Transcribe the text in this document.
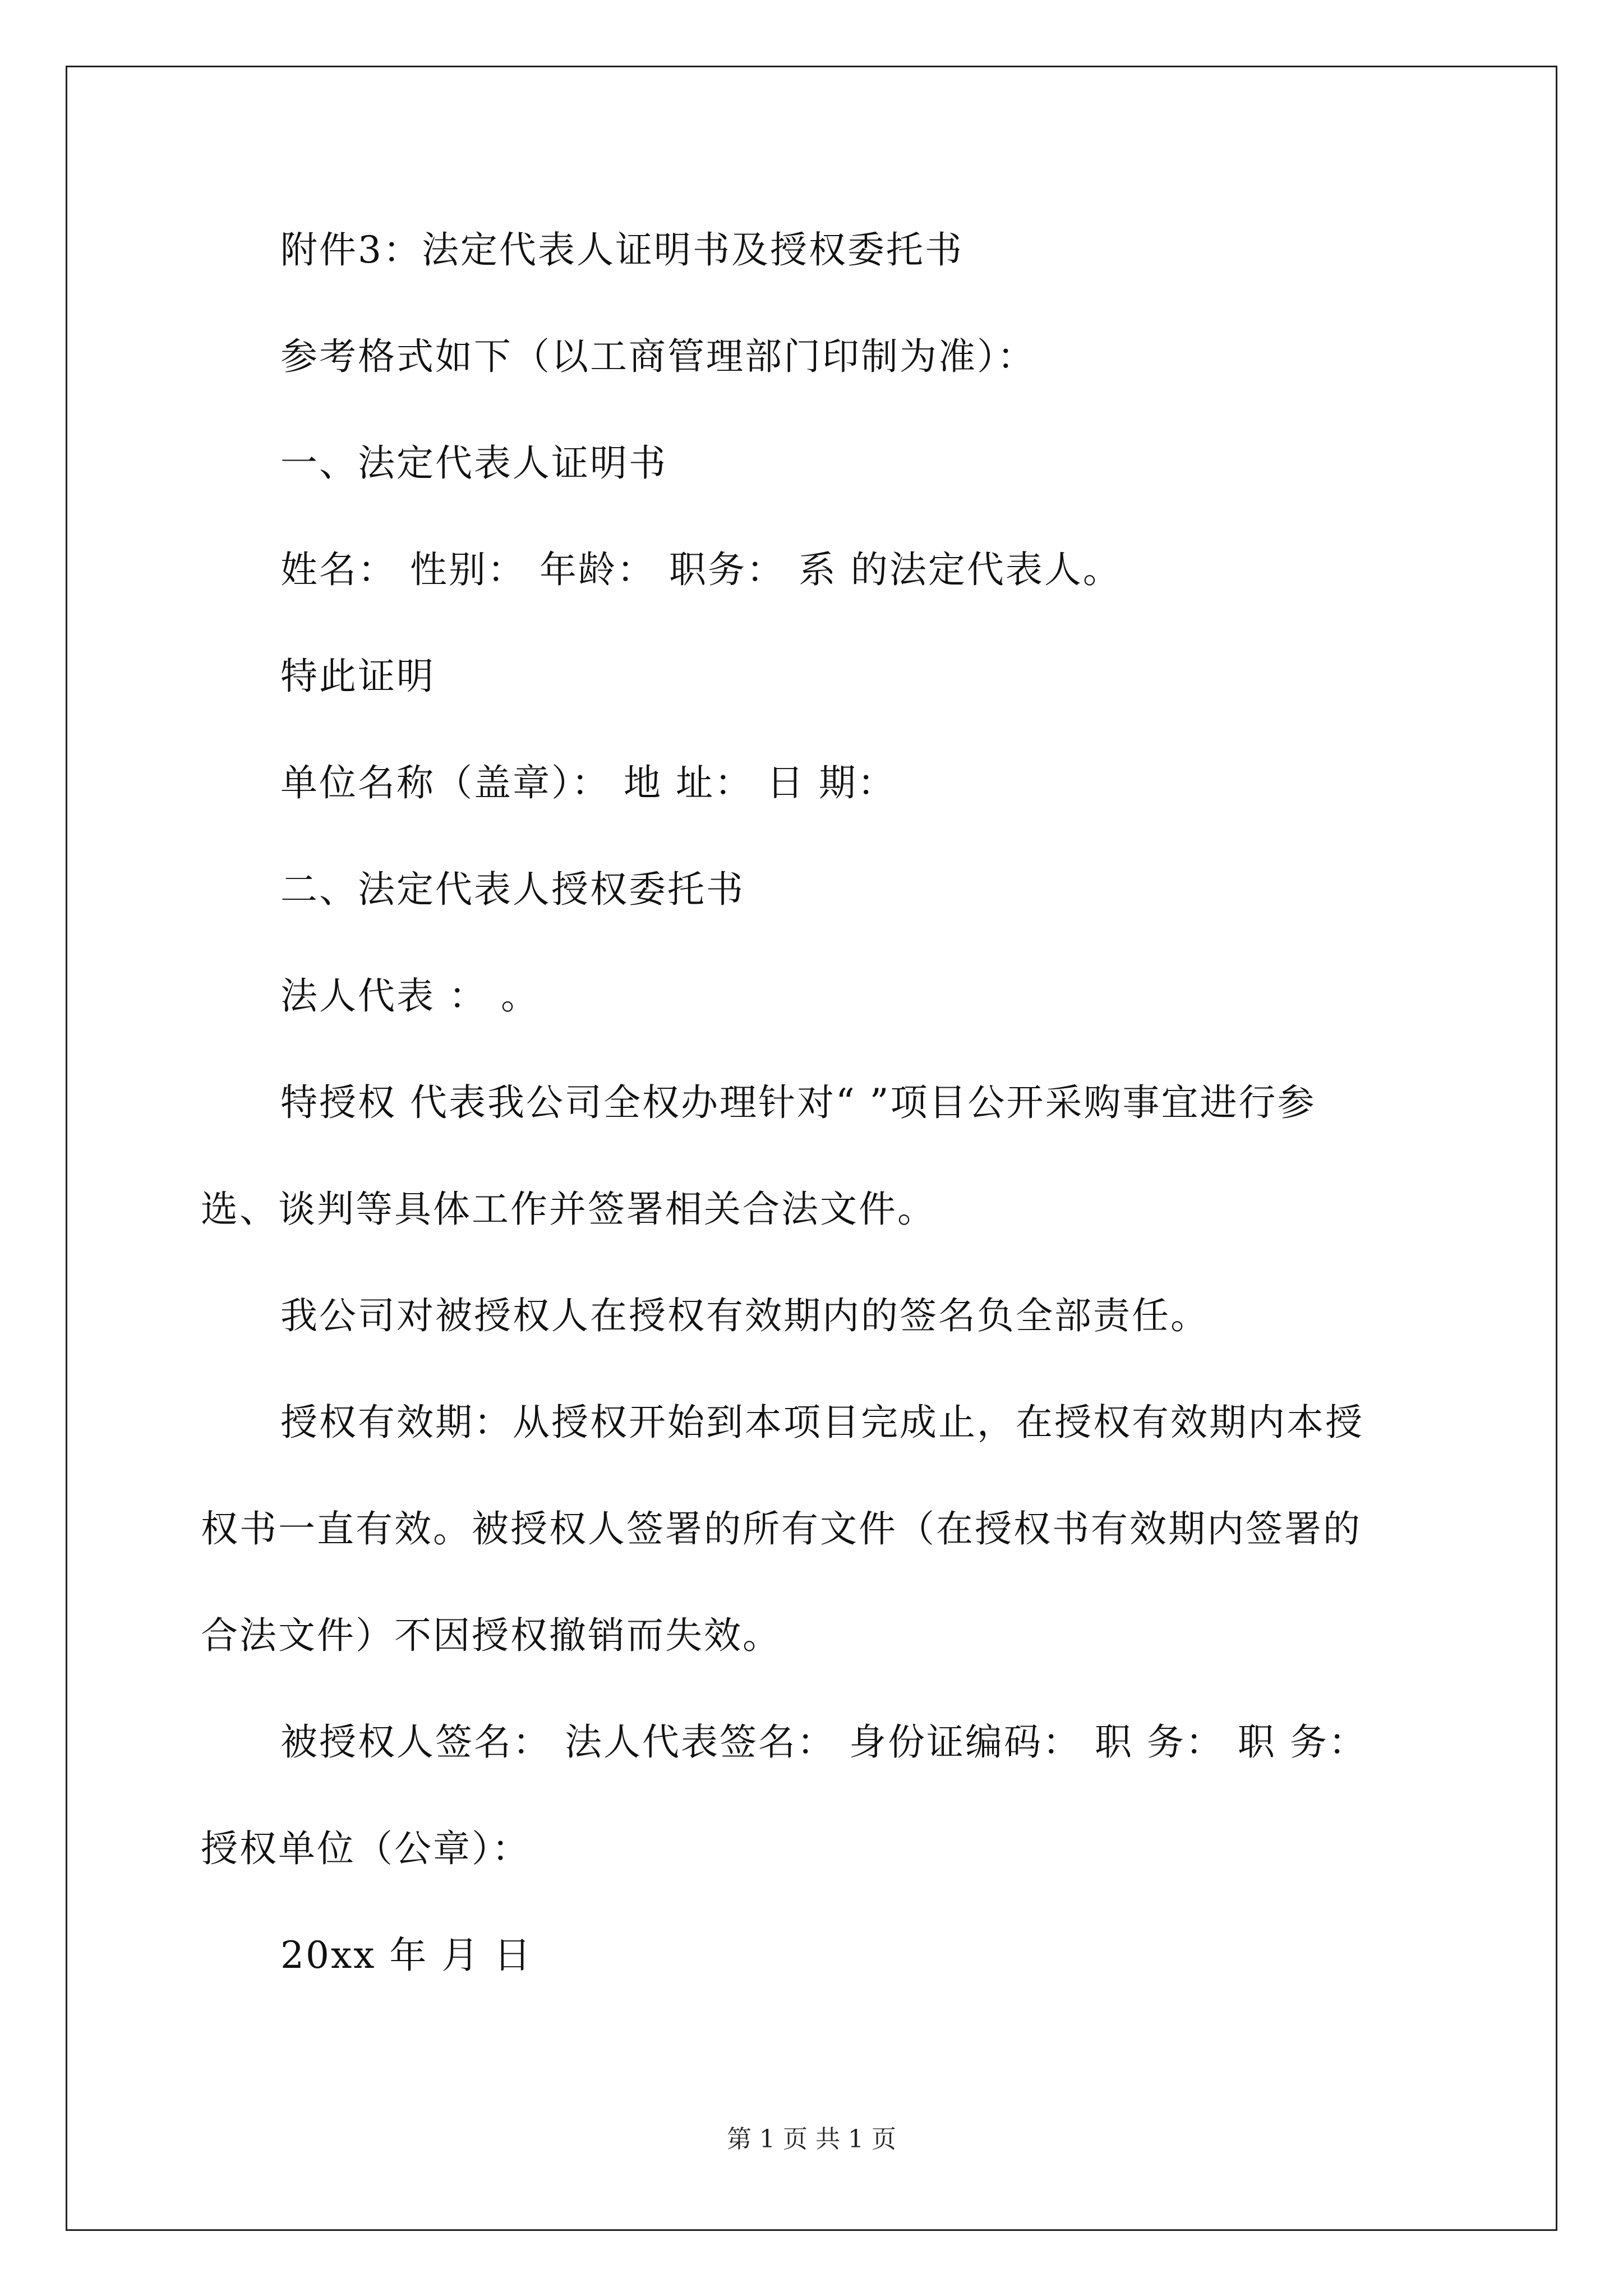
附件3：法定代表人证明书及授权委托书
参考格式如下（以工商管理部门印制为准）：
一、法定代表人证明书
姓名： 性别： 年龄： 职务： 系 的法定代表人。
特此证明
单位名称（盖章）： 地 址： 日 期：
二、法定代表人授权委托书
法人代表 ： 。
特授权 代表我公司全权办理针对“ ”项目公开采购事宜进行参
选、谈判等具体工作并签署相关合法文件。
我公司对被授权人在授权有效期内的签名负全部责任。
授权有效期：从授权开始到本项目完成止，在授权有效期内本授
权书一直有效。被授权人签署的所有文件（在授权书有效期内签署的
合法文件）不因授权撤销而失效。
被授权人签名： 法人代表签名： 身份证编码： 职 务： 职 务：
授权单位（公章）：
20xx 年 月 日
第 1 页 共 1 页
